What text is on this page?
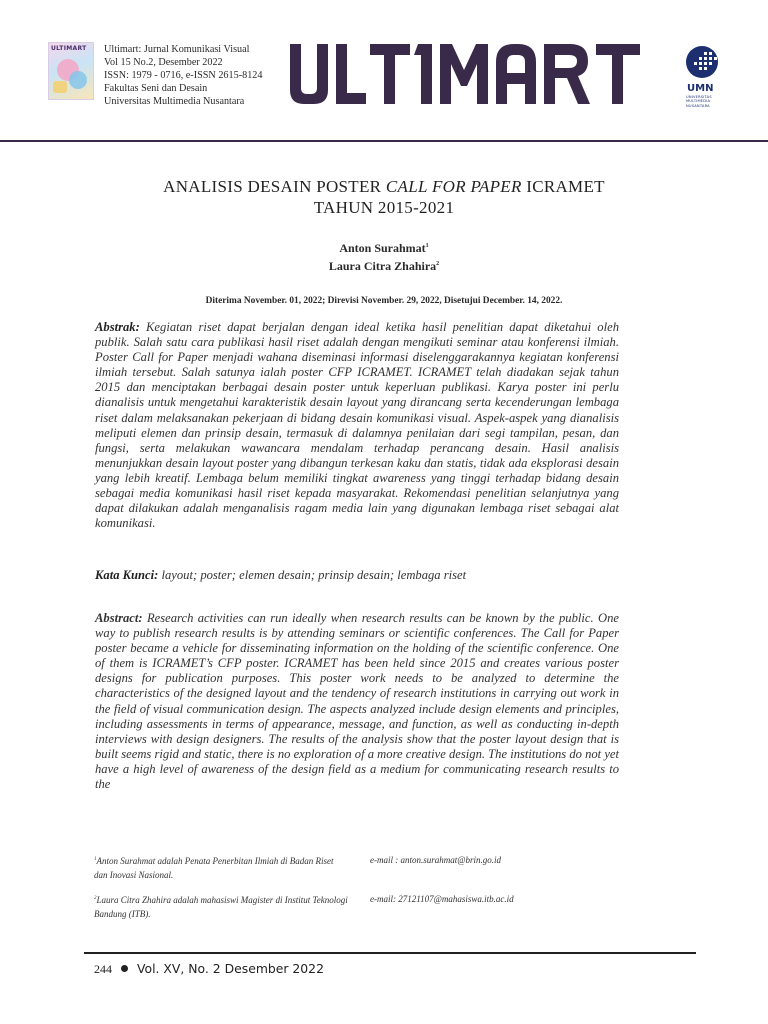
ULTIMART Ultimart: Jurnal Komunikasi Visual
Vol 15 No.2, Desember 2022
ISSN: 1979 - 0716, e-ISSN 2615-8124
Fakultas Seni dan Desain
Universitas Multimedia Nusantara
UMN
UNIVERSITAS
MULTIMEDIA
NUSANTARA
ANALISIS DESAIN POSTER CALL FOR PAPER ICRAMET
TAHUN 2015-2021
Anton Surahmat$^1$
Laura Citra Zhahira$^2$
Diterima November. 01, 2022; Direvisi November. 29, 2022, Disetujui December. 14, 2022.
Abstrak: Kegiatan riset dapat berjalan dengan ideal ketika hasil penelitian dapat diketahui oleh publik. Salah satu cara publikasi hasil riset adalah dengan mengikuti seminar atau konferensi ilmiah. Poster Call for Paper menjadi wahana diseminasi informasi diselenggarakannya kegiatan konferensi ilmiah tersebut. Salah satunya ialah poster CFP ICRAMET. ICRAMET telah diadakan sejak tahun 2015 dan menciptakan berbagai desain poster untuk keperluan publikasi. Karya poster ini perlu dianalisis untuk mengetahui karakteristik desain layout yang dirancang serta kecenderungan lembaga riset dalam melaksanakan pekerjaan di bidang desain komunikasi visual. Aspek-aspek yang dianalisis meliputi elemen dan prinsip desain, termasuk di dalamnya penilaian dari segi tampilan, pesan, dan fungsi, serta melakukan wawancara mendalam terhadap perancang desain. Hasil analisis menunjukkan desain layout poster yang dibangun terkesan kaku dan statis, tidak ada eksplorasi desain yang lebih kreatif. Lembaga belum memiliki tingkat awareness yang tinggi terhadap bidang desain sebagai media komunikasi hasil riset kepada masyarakat. Rekomendasi penelitian selanjutnya yang dapat dilakukan adalah menganalisis ragam media lain yang digunakan lembaga riset sebagai alat komunikasi.
Kata Kunci: layout; poster; elemen desain; prinsip desain; lembaga riset
Abstract: Research activities can run ideally when research results can be known by the public. One way to publish research results is by attending seminars or scientific conferences. The Call for Paper poster became a vehicle for disseminating information on the holding of the scientific conference. One of them is ICRAMET’s CFP poster. ICRAMET has been held since 2015 and creates various poster designs for publication purposes. This poster work needs to be analyzed to determine the characteristics of the designed layout and the tendency of research institutions in carrying out work in the field of visual communication design. The aspects analyzed include design elements and principles, including assessments in terms of appearance, message, and function, as well as conducting in-depth interviews with design designers. The results of the analysis show that the poster layout design that is built seems rigid and static, there is no exploration of a more creative design. The institutions do not yet have a high level of awareness of the design field as a medium for communicating research results to the
$^1$Anton Surahmat adalah Penata Penerbitan Ilmiah di Badan Riset dan Inovasi Nasional.
$^2$Laura Citra Zhahira adalah mahasiswi Magister di Institut Teknologi Bandung (ITB).
e-mail : anton.surahmat@brin.go.id
e-mail: 27121107@mahasiswa.itb.ac.id
244 Vol. XV, No. 2 Desember 2022
